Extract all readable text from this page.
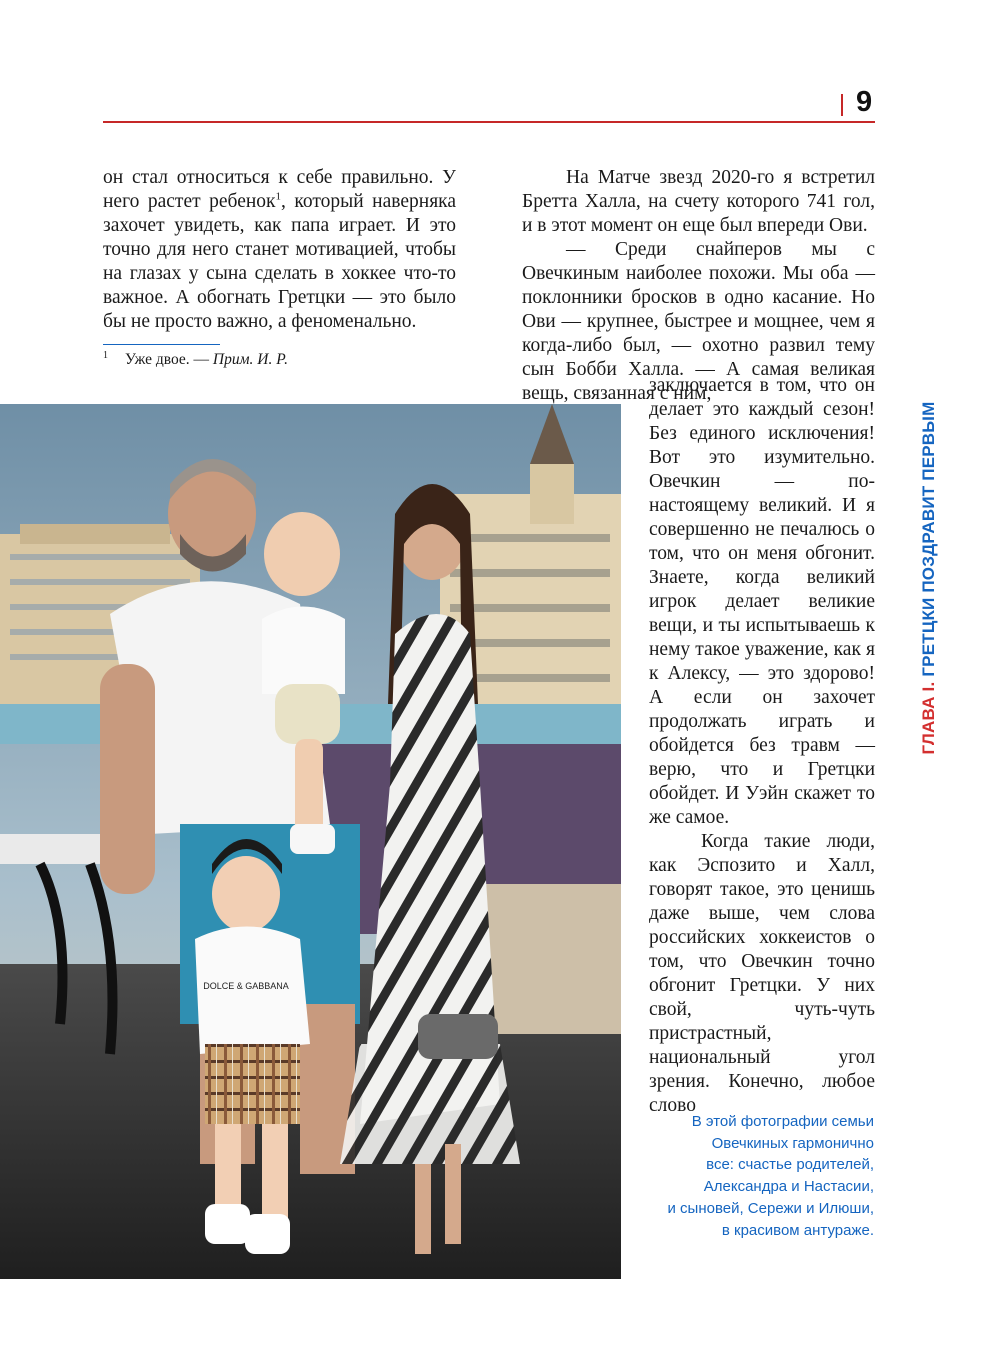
9

он стал относиться к себе правильно. У него растет ребенок$^1$, который наверняка захочет увидеть, как папа играет. И это точно для него станет мотивацией, чтобы на глазах у сына сделать в хоккее что-то важное. А обогнать Гретцки — это было бы не просто важно, а феноменально.

1 Уже двое. — Прим. И. Р.

На Матче звезд 2020-го я встретил Бретта Халла, на счету которого 741 гол, и в этот момент он еще был впереди Ови.

— Среди снайперов мы с Овечкиным наиболее похожи. Мы оба — поклонники бросков в одно касание. Но Ови — крупнее, быстрее и мощнее, чем я когда-либо был, — охотно развил тему сын Бобби Халла. — А самая великая вещь, связанная с ним,

заключается в том, что он делает это каждый сезон! Без единого исключения! Вот это изумительно. Овечкин — по-настоящему великий. И я совершенно не печалюсь о том, что он меня обгонит. Знаете, когда великий игрок делает великие вещи, и ты испытываешь к нему такое уважение, как я к Алексу, — это здорово! А если он захочет продолжать играть и обойдется без травм — верю, что и Гретцки обойдет. И Уэйн скажет то же самое.

Когда такие люди, как Эспозито и Халл, говорят такое, это ценишь даже выше, чем слова российских хоккеистов о том, что Овечкин точно обгонит Гретцки. У них свой, чуть-чуть пристрастный, национальный угол зрения. Конечно, любое слово

DOLCE & GABBANA
В этой фотографии семьи
Овечкиных гармонично
все: счастье родителей,
Александра и Настасии,
и сыновей, Сережи и Илюши,
в красивом антураже.
ГЛАВА I. ГРЕТЦКИ ПОЗДРАВИТ ПЕРВЫМ
